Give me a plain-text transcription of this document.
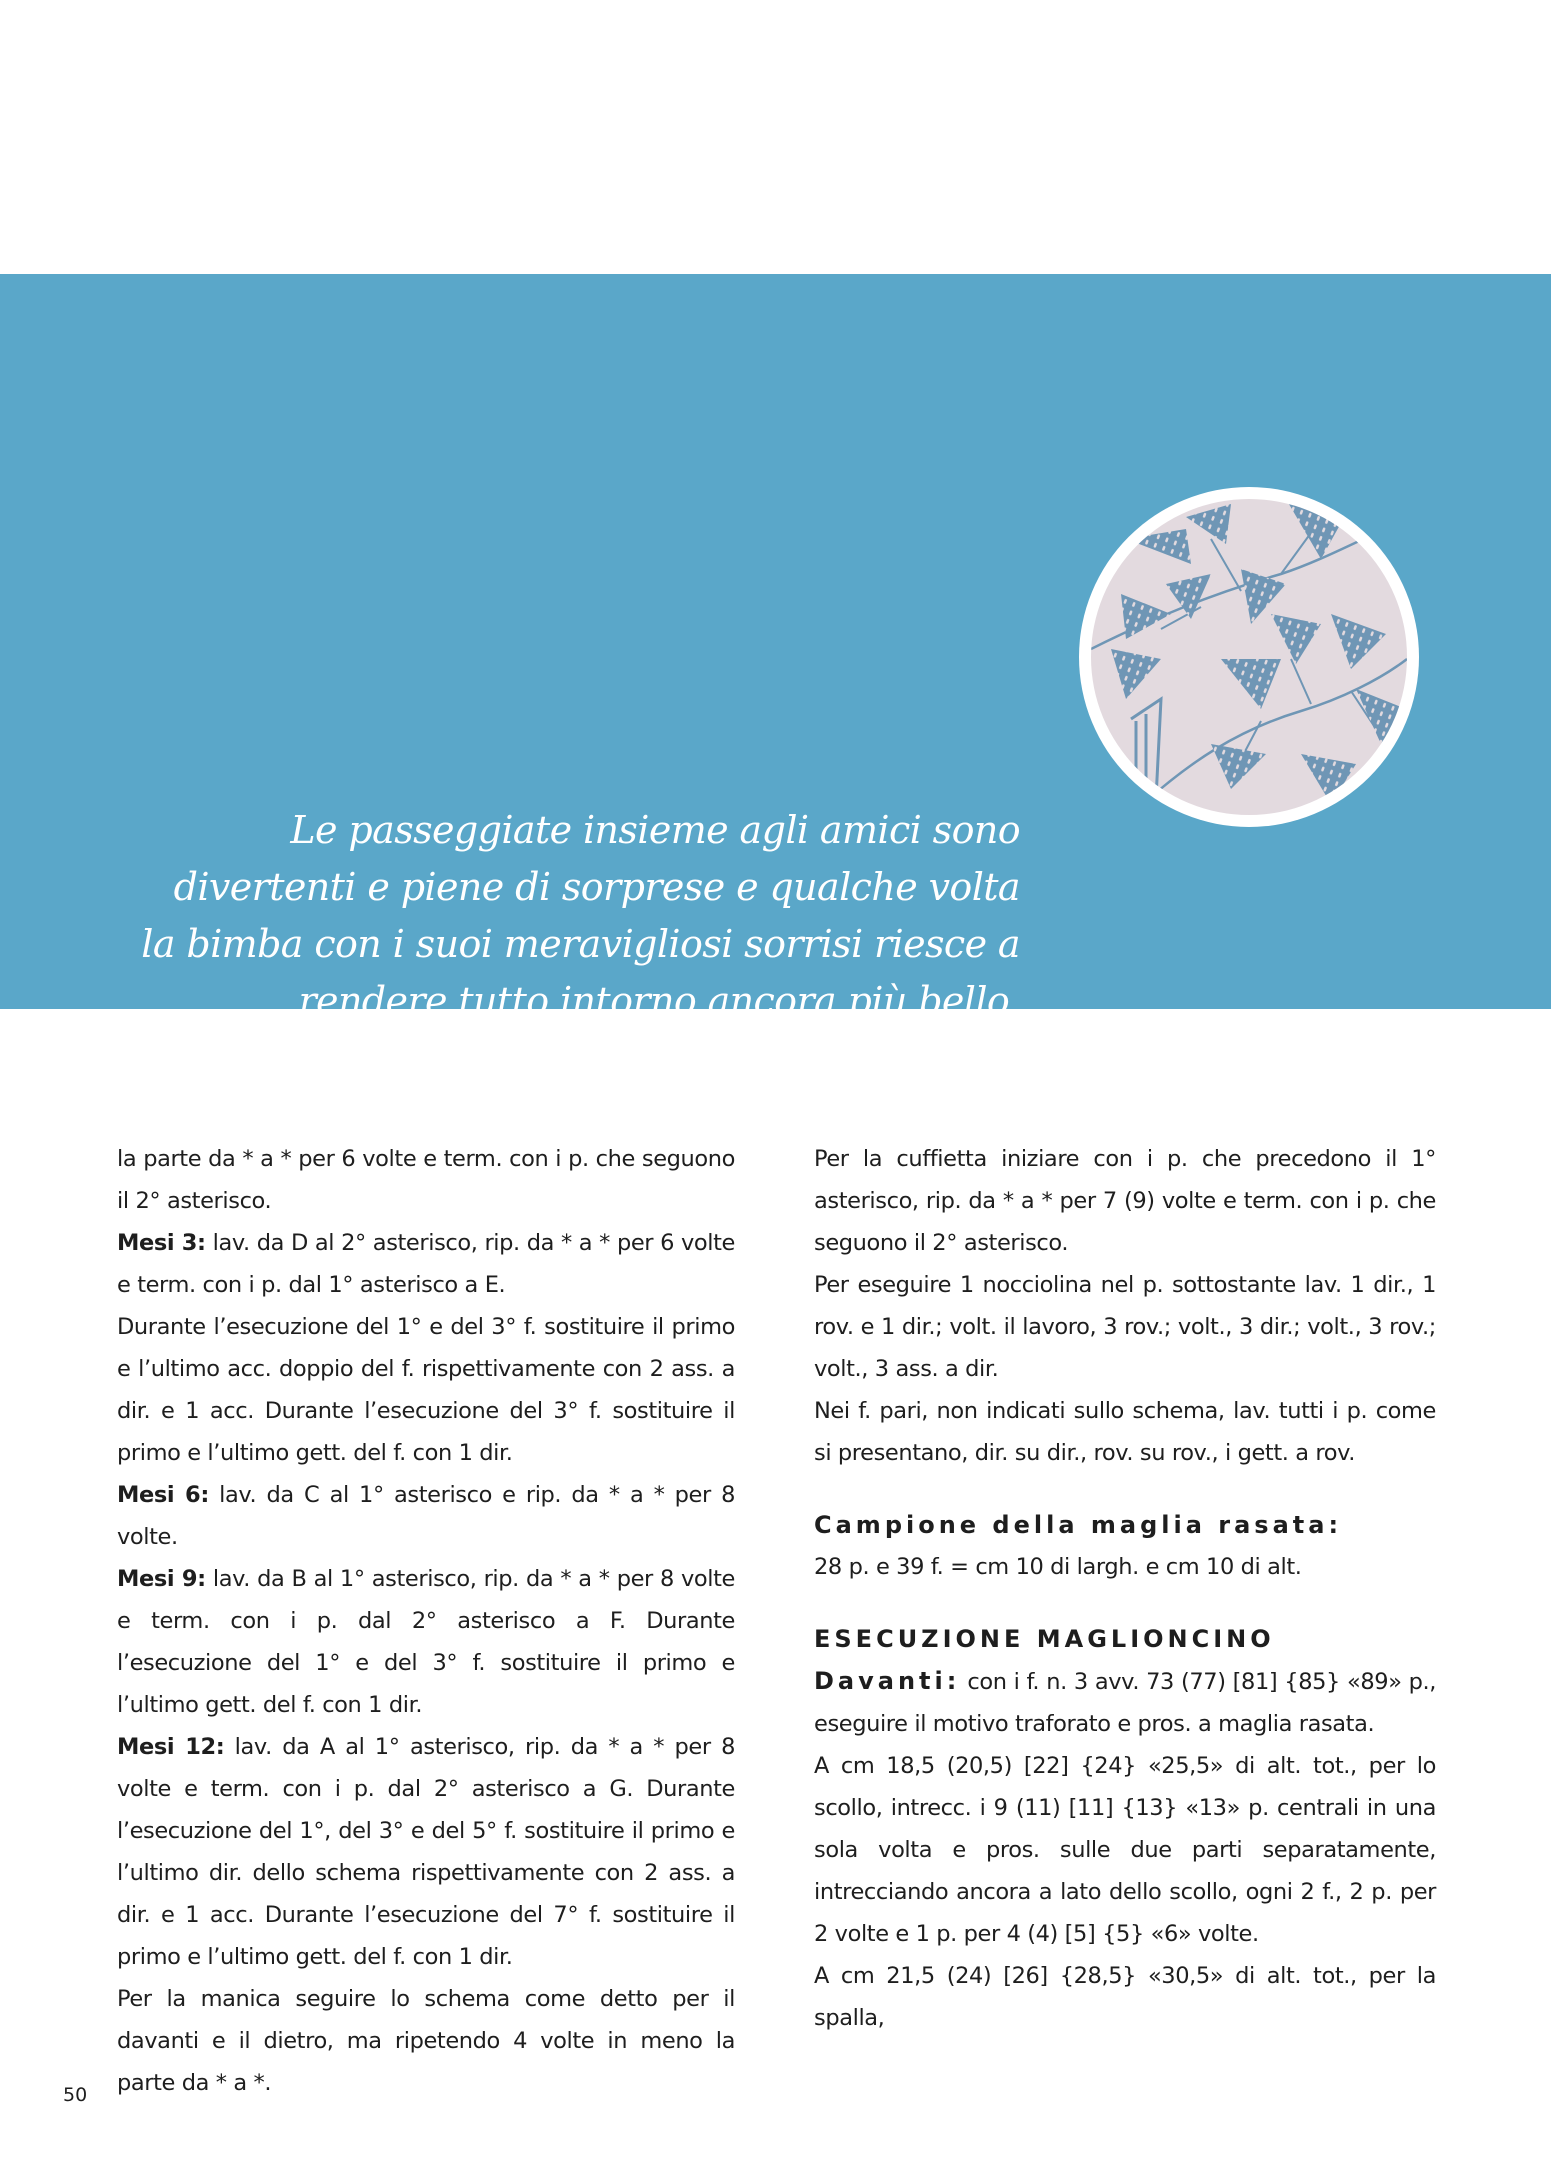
Le passeggiate insieme agli amici sono
divertenti e piene di sorprese e qualche volta
la bimba con i suoi meravigliosi sorrisi riesce a
rendere tutto intorno ancora più bello.

la parte da * a * per 6 volte e term. con i p. che seguono il 2° asterisco.

Mesi 3: lav. da D al 2° asterisco, rip. da * a * per 6 volte e term. con i p. dal 1° asterisco a E.

Durante l’esecuzione del 1° e del 3° f. sostituire il primo e l’ultimo acc. doppio del f. rispettivamente con 2 ass. a dir. e 1 acc. Durante l’esecuzione del 3° f. sostituire il primo e l’ultimo gett. del f. con 1 dir.

Mesi 6: lav. da C al 1° asterisco e rip. da * a * per 8 volte.

Mesi 9: lav. da B al 1° asterisco, rip. da * a * per 8 volte e term. con i p. dal 2° asterisco a F. Durante l’esecuzione del 1° e del 3° f. sostituire il primo e l’ultimo gett. del f. con 1 dir.

Mesi 12: lav. da A al 1° asterisco, rip. da * a * per 8 volte e term. con i p. dal 2° asterisco a G. Durante l’esecuzione del 1°, del 3° e del 5° f. sostituire il primo e l’ultimo dir. dello schema rispettivamente con 2 ass. a dir. e 1 acc. Durante l’esecuzione del 7° f. sostituire il primo e l’ultimo gett. del f. con 1 dir.

Per la manica seguire lo schema come detto per il davanti e il dietro, ma ripetendo 4 volte in meno la parte da * a *.

Per la cuffietta iniziare con i p. che precedono il 1° asterisco, rip. da * a * per 7 (9) volte e term. con i p. che seguono il 2° asterisco.

Per eseguire 1 nocciolina nel p. sottostante lav. 1 dir., 1 rov. e 1 dir.; volt. il lavoro, 3 rov.; volt., 3 dir.; volt., 3 rov.; volt., 3 ass. a dir.

Nei f. pari, non indicati sullo schema, lav. tutti i p. come si presentano, dir. su dir., rov. su rov., i gett. a rov.

Campione della maglia rasata:

28 p. e 39 f. = cm 10 di largh. e cm 10 di alt.

ESECUZIONE MAGLIONCINO

Davanti: con i f. n. 3 avv. 73 (77) [81] {85} «89» p., eseguire il motivo traforato e pros. a maglia rasata.

A cm 18,5 (20,5) [22] {24} «25,5» di alt. tot., per lo scollo, intrecc. i 9 (11) [11] {13} «13» p. centrali in una sola volta e pros. sulle due parti separatamente, intrecciando ancora a lato dello scollo, ogni 2 f., 2 p. per 2 volte e 1 p. per 4 (4) [5] {5} «6» volte.

A cm 21,5 (24) [26] {28,5} «30,5» di alt. tot., per la spalla,

50
